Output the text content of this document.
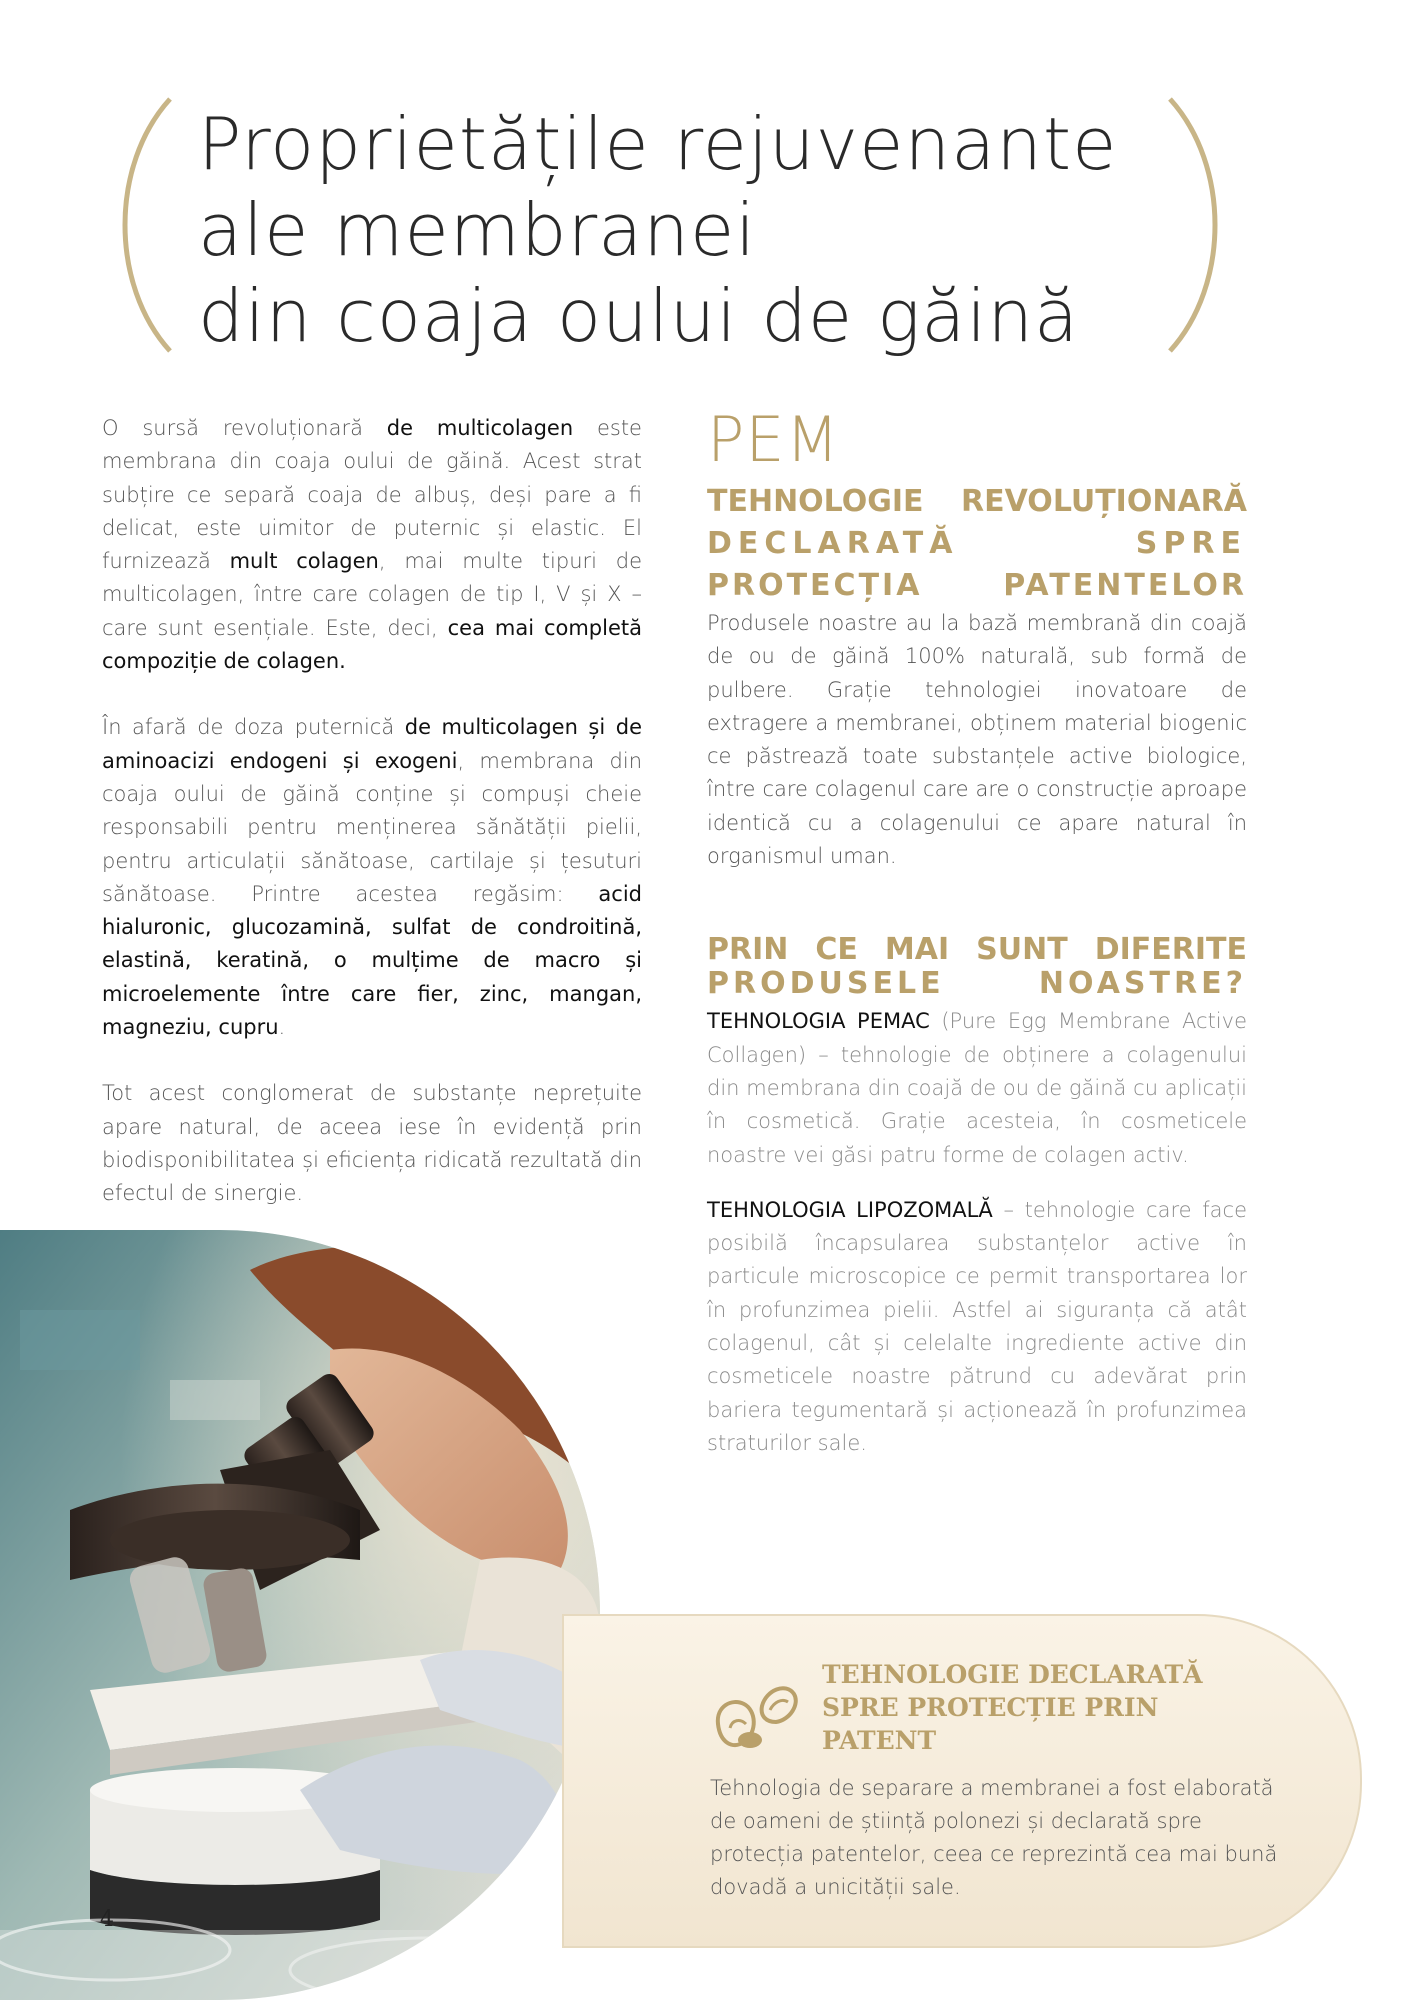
Proprietățile rejuvenante
ale membranei
din coaja oului de găină

O sursă revoluționară de multicolagen este membrana din coaja oului de găină. Acest strat subțire ce separă coaja de albuș, deși pare a fi delicat, este uimitor de puternic și elastic. El furnizează mult colagen, mai multe tipuri de multicolagen, între care colagen de tip I, V și X – care sunt esențiale. Este, deci, cea mai completă compoziție de colagen.

În afară de doza puternică de multicolagen și de aminoacizi endogeni și exogeni, membrana din coaja oului de găină conține și compuși cheie responsabili pentru menținerea sănătății pielii, pentru articulații sănătoase, cartilaje și țesuturi sănătoase. Printre acestea regăsim: acid hialuronic, glucozamină, sulfat de condroitină, elastină, keratină, o mulțime de macro și microelemente între care fier, zinc, mangan, magneziu, cupru.

Tot acest conglomerat de substanțe neprețuite apare natural, de aceea iese în evidență prin biodisponibilitatea și eficiența ridicată rezultată din efectul de sinergie.

PEM
TEHNOLOGIE REVOLUȚIONARĂ
DECLARATĂ SPRE
PROTECȚIA PATENTELOR

Produsele noastre au la bază membrană din coajă de ou de găină 100% naturală, sub formă de pulbere. Grație tehnologiei inovatoare de extragere a membranei, obținem material biogenic ce păstrează toate substanțele active biologice, între care colagenul care are o construcție aproape identică cu a colagenului ce apare natural în organismul uman.

PRIN CE MAI SUNT DIFERITE
PRODUSELE NOASTRE?

TEHNOLOGIA PEMAC (Pure Egg Membrane Active Collagen) – tehnologie de obținere a colagenului din membrana din coajă de ou de găină cu aplicații în cosmetică. Grație acesteia, în cosmeticele noastre vei găsi patru forme de colagen activ.

TEHNOLOGIA LIPOZOMALĂ – tehnologie care face posibilă încapsularea substanțelor active în particule microscopice ce permit transportarea lor în profunzimea pielii. Astfel ai siguranța că atât colagenul, cât și celelalte ingrediente active din cosmeticele noastre pătrund cu adevărat prin bariera tegumentară și acționează în profunzimea straturilor sale.

TEHNOLOGIE DECLARATĂ SPRE PROTECȚIE PRIN PATENT

Tehnologia de separare a membranei a fost elaborată de oameni de știință polonezi și declarată spre protecția patentelor, ceea ce reprezintă cea mai bună dovadă a unicității sale.

4
